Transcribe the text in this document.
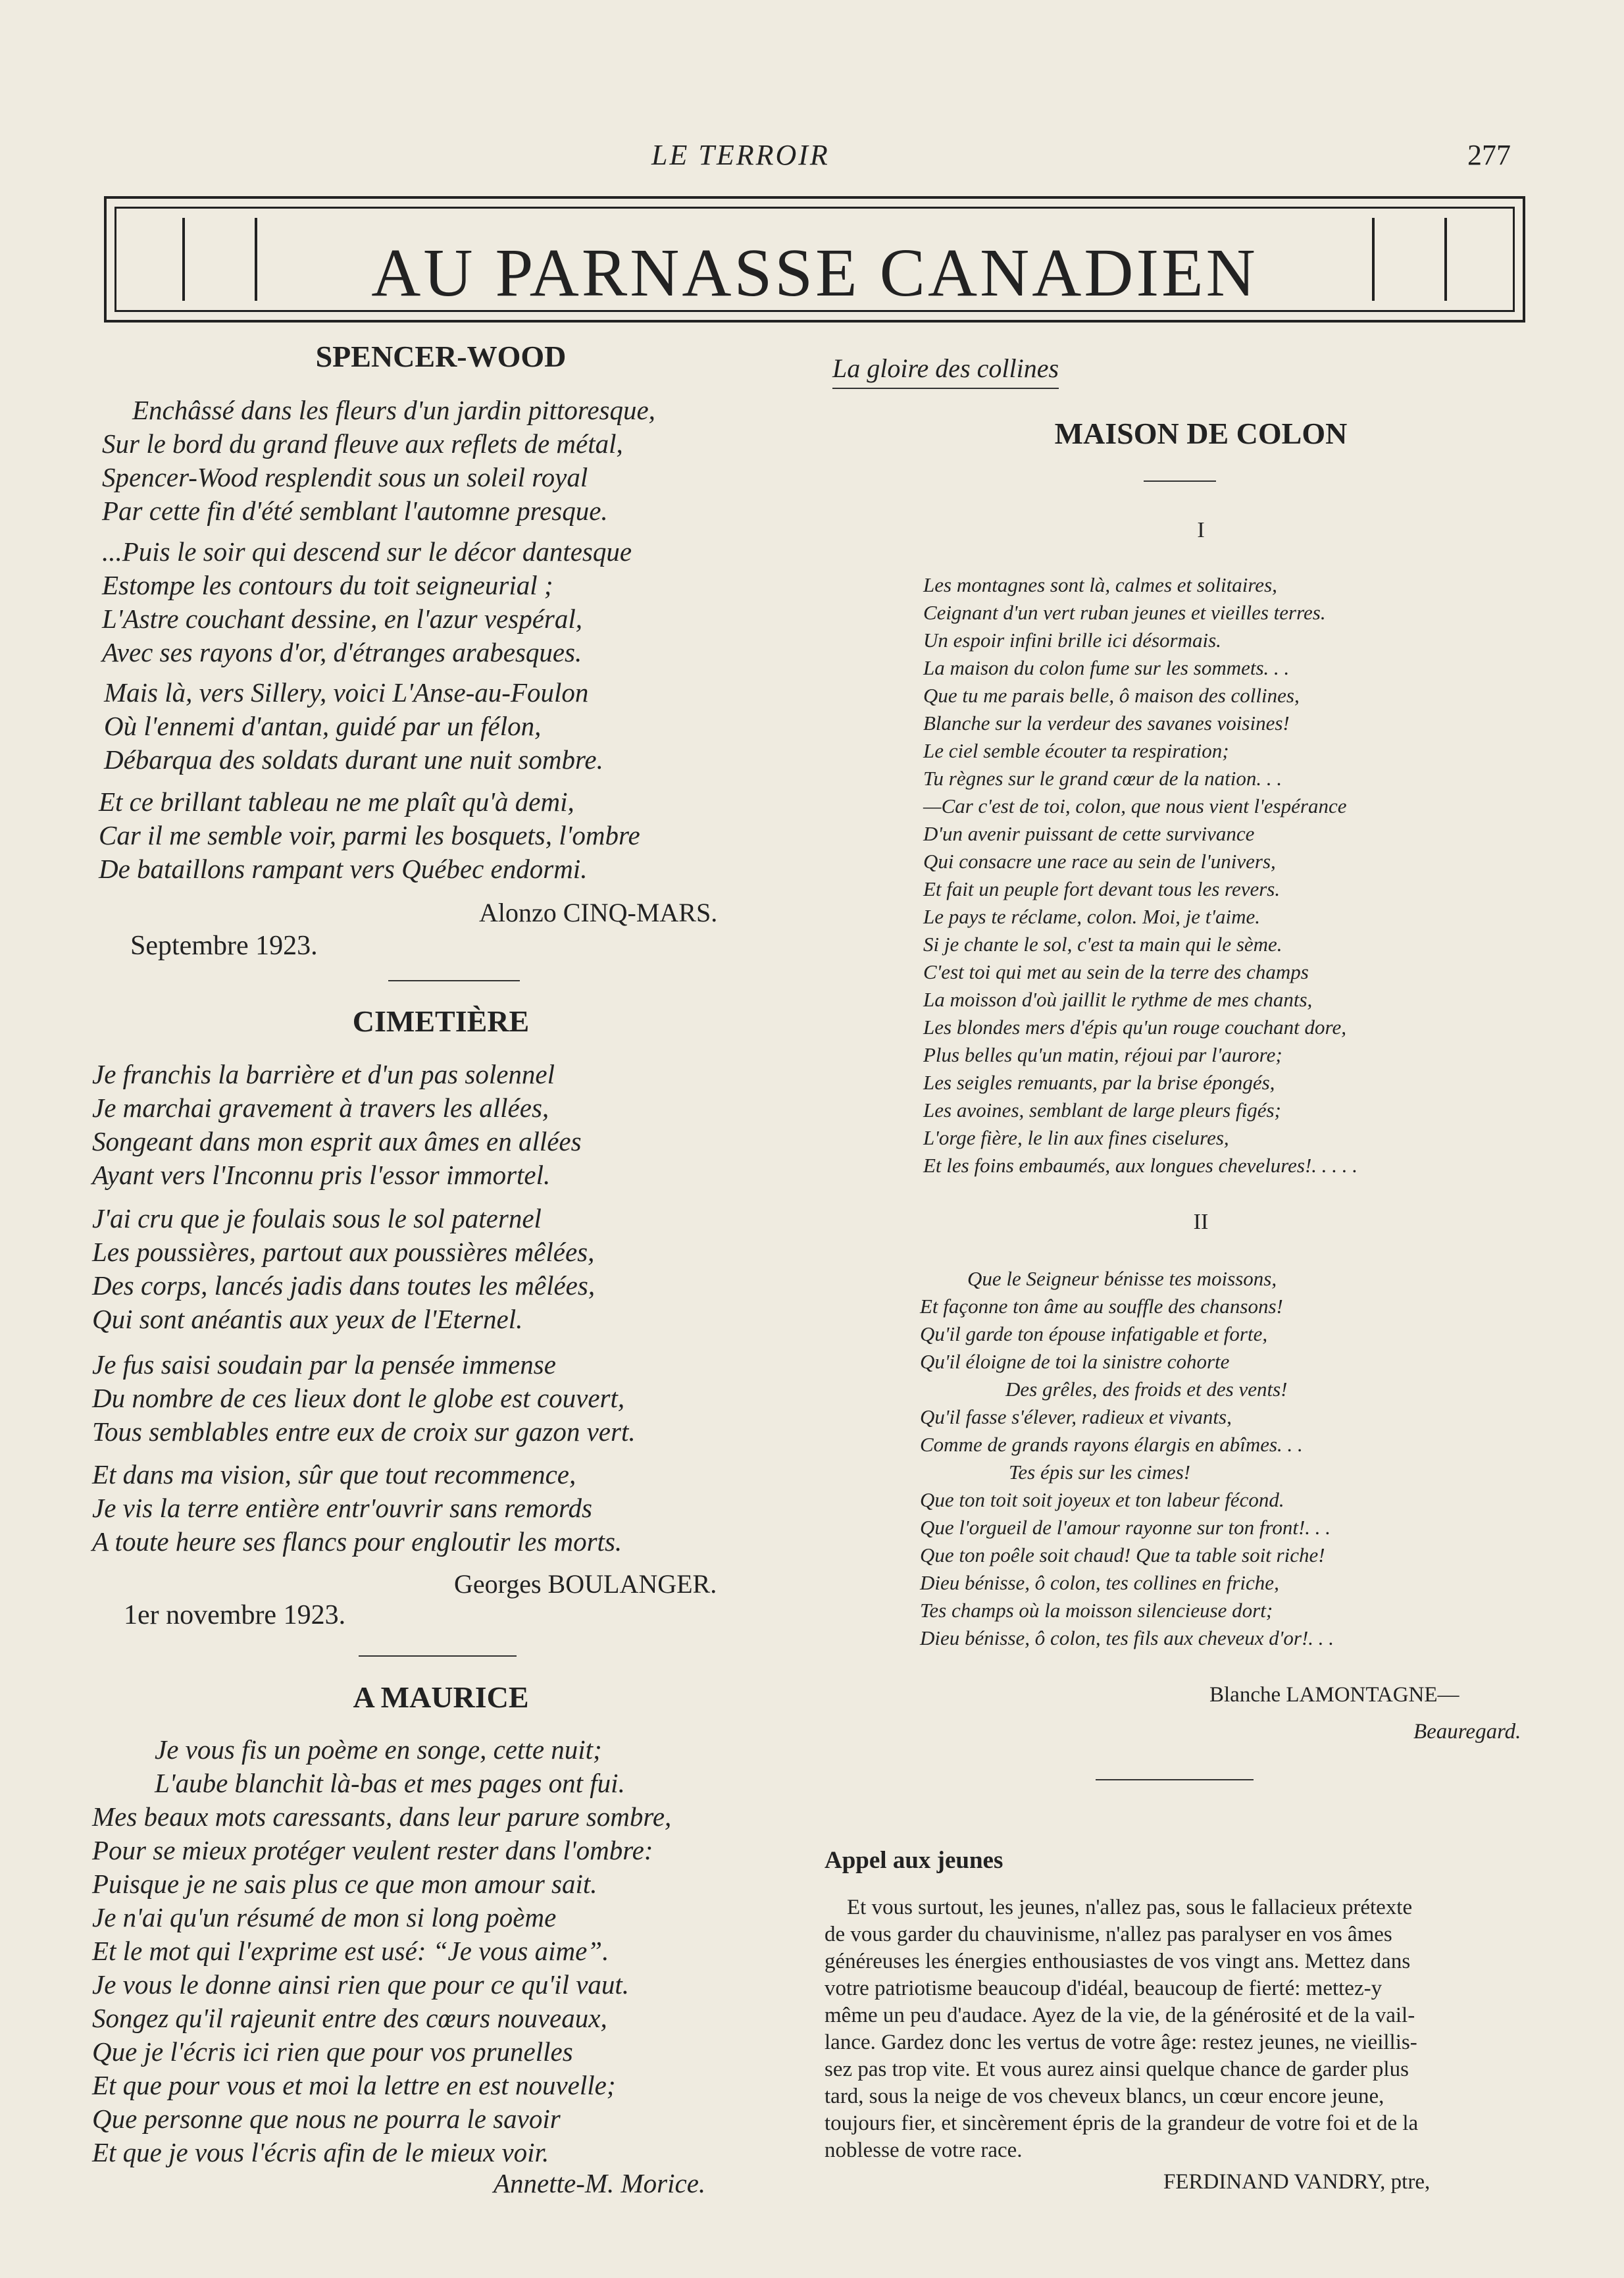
LE TERROIR	277
AU PARNASSE CANADIEN
SPENCER-WOOD
Enchâssé dans les fleurs d'un jardin pittoresque,
Sur le bord du grand fleuve aux reflets de métal,
Spencer-Wood resplendit sous un soleil royal
Par cette fin d'été semblant l'automne presque.
...Puis le soir qui descend sur le décor dantesque
Estompe les contours du toit seigneurial ;
L'Astre couchant dessine, en l'azur vespéral,
Avec ses rayons d'or, d'étranges arabesques.
Mais là, vers Sillery, voici L'Anse-au-Foulon
Où l'ennemi d'antan, guidé par un félon,
Débarqua des soldats durant une nuit sombre.
Et ce brillant tableau ne me plaît qu'à demi,
Car il me semble voir, parmi les bosquets, l'ombre
De bataillons rampant vers Québec endormi.
Alonzo CINQ-MARS.
Septembre 1923.
CIMETIÈRE
Je franchis la barrière et d'un pas solennel
Je marchai gravement à travers les allées,
Songeant dans mon esprit aux âmes en allées
Ayant vers l'Inconnu pris l'essor immortel.
J'ai cru que je foulais sous le sol paternel
Les poussières, partout aux poussières mêlées,
Des corps, lancés jadis dans toutes les mêlées,
Qui sont anéantis aux yeux de l'Eternel.
Je fus saisi soudain par la pensée immense
Du nombre de ces lieux dont le globe est couvert,
Tous semblables entre eux de croix sur gazon vert.
Et dans ma vision, sûr que tout recommence,
Je vis la terre entière entr'ouvrir sans remords
A toute heure ses flancs pour engloutir les morts.
Georges BOULANGER.
1er novembre 1923.
A MAURICE
Je vous fis un poème en songe, cette nuit;
L'aube blanchit là-bas et mes pages ont fui.
Mes beaux mots caressants, dans leur parure sombre,
Pour se mieux protéger veulent rester dans l'ombre:
Puisque je ne sais plus ce que mon amour sait.
Je n'ai qu'un résumé de mon si long poème
Et le mot qui l'exprime est usé: “Je vous aime”.
Je vous le donne ainsi rien que pour ce qu'il vaut.
Songez qu'il rajeunit entre des cœurs nouveaux,
Que je l'écris ici rien que pour vos prunelles
Et que pour vous et moi la lettre en est nouvelle;
Que personne que nous ne pourra le savoir
Et que je vous l'écris afin de le mieux voir.
Annette-M. Morice.
La gloire des collines
MAISON DE COLON
I
Les montagnes sont là, calmes et solitaires,
Ceignant d'un vert ruban jeunes et vieilles terres.
Un espoir infini brille ici désormais.
La maison du colon fume sur les sommets. . .
Que tu me parais belle, ô maison des collines,
Blanche sur la verdeur des savanes voisines!
Le ciel semble écouter ta respiration;
Tu règnes sur le grand cœur de la nation. . .
—Car c'est de toi, colon, que nous vient l'espérance
D'un avenir puissant de cette survivance
Qui consacre une race au sein de l'univers,
Et fait un peuple fort devant tous les revers.
Le pays te réclame, colon. Moi, je t'aime.
Si je chante le sol, c'est ta main qui le sème.
C'est toi qui met au sein de la terre des champs
La moisson d'où jaillit le rythme de mes chants,
Les blondes mers d'épis qu'un rouge couchant dore,
Plus belles qu'un matin, réjoui par l'aurore;
Les seigles remuants, par la brise épongés,
Les avoines, semblant de large pleurs figés;
L'orge fière, le lin aux fines ciselures,
Et les foins embaumés, aux longues chevelures!. . . . .
II
Que le Seigneur bénisse tes moissons,
Et façonne ton âme au souffle des chansons!
Qu'il garde ton épouse infatigable et forte,
Qu'il éloigne de toi la sinistre cohorte
Des grêles, des froids et des vents!
Qu'il fasse s'élever, radieux et vivants,
Comme de grands rayons élargis en abîmes. . .
Tes épis sur les cimes!
Que ton toit soit joyeux et ton labeur fécond.
Que l'orgueil de l'amour rayonne sur ton front!. . .
Que ton poêle soit chaud! Que ta table soit riche!
Dieu bénisse, ô colon, tes collines en friche,
Tes champs où la moisson silencieuse dort;
Dieu bénisse, ô colon, tes fils aux cheveux d'or!. . .
Blanche LAMONTAGNE—
Beauregard.
Appel aux jeunes
Et vous surtout, les jeunes, n'allez pas, sous le fallacieux prétexte
de vous garder du chauvinisme, n'allez pas paralyser en vos âmes
généreuses les énergies enthousiastes de vos vingt ans. Mettez dans
votre patriotisme beaucoup d'idéal, beaucoup de fierté: mettez-y
même un peu d'audace. Ayez de la vie, de la générosité et de la vail-
lance. Gardez donc les vertus de votre âge: restez jeunes, ne vieillis-
sez pas trop vite. Et vous aurez ainsi quelque chance de garder plus
tard, sous la neige de vos cheveux blancs, un cœur encore jeune,
toujours fier, et sincèrement épris de la grandeur de votre foi et de la
noblesse de votre race.
FERDINAND VANDRY, ptre,
